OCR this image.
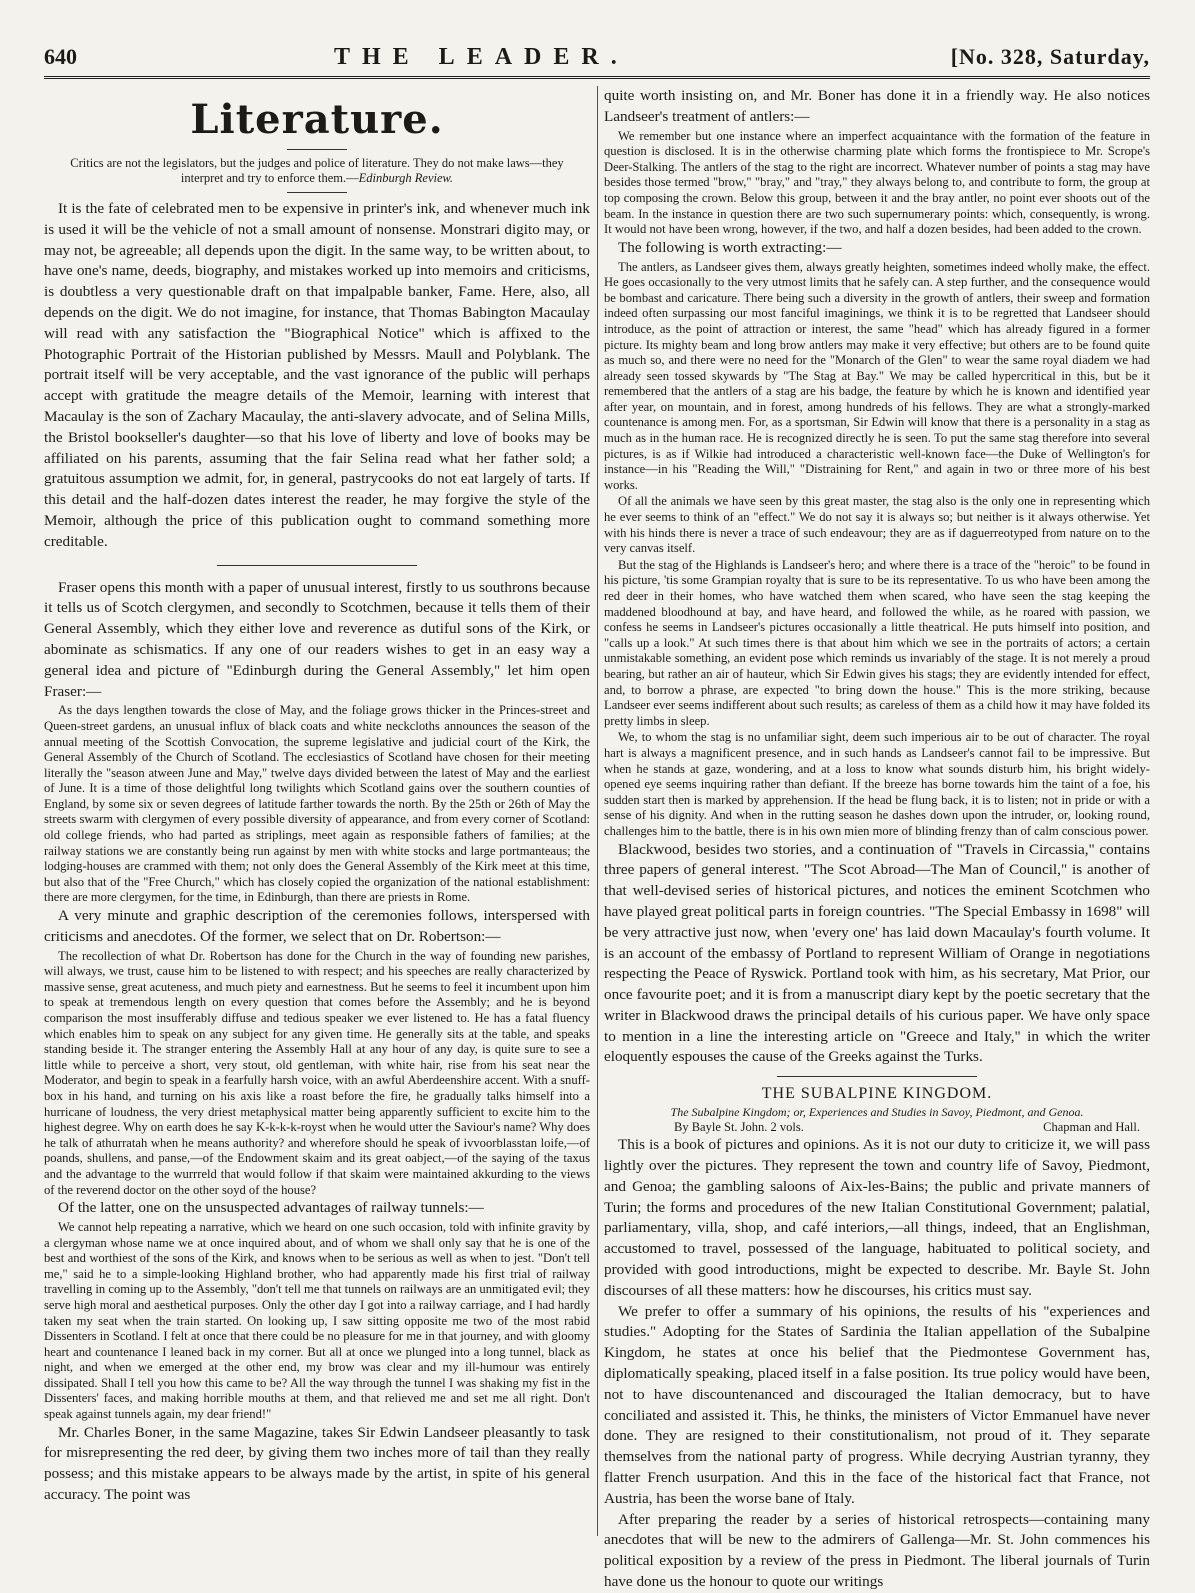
640	THE LEADER.	[No. 328, Saturday,
Literature.
Critics are not the legislators, but the judges and police of literature. They do not make laws—they interpret and try to enforce them.—Edinburgh Review.

It is the fate of celebrated men to be expensive in printer's ink, and whenever much ink is used it will be the vehicle of not a small amount of nonsense. Monstrari digito may, or may not, be agreeable; all depends upon the digit. In the same way, to be written about, to have one's name, deeds, biography, and mistakes worked up into memoirs and criticisms, is doubtless a very questionable draft on that impalpable banker, Fame. Here, also, all depends on the digit. We do not imagine, for instance, that Thomas Babington Macaulay will read with any satisfaction the "Biographical Notice" which is affixed to the Photographic Portrait of the Historian published by Messrs. Maull and Polyblank. The portrait itself will be very acceptable, and the vast ignorance of the public will perhaps accept with gratitude the meagre details of the Memoir, learning with interest that Macaulay is the son of Zachary Macaulay, the anti-slavery advocate, and of Selina Mills, the Bristol bookseller's daughter—so that his love of liberty and love of books may be affiliated on his parents, assuming that the fair Selina read what her father sold; a gratuitous assumption we admit, for, in general, pastrycooks do not eat largely of tarts. If this detail and the half-dozen dates interest the reader, he may forgive the style of the Memoir, although the price of this publication ought to command something more creditable.

Fraser opens this month with a paper of unusual interest, firstly to us southrons because it tells us of Scotch clergymen, and secondly to Scotchmen, because it tells them of their General Assembly, which they either love and reverence as dutiful sons of the Kirk, or abominate as schismatics. If any one of our readers wishes to get in an easy way a general idea and picture of "Edinburgh during the General Assembly," let him open Fraser:—

As the days lengthen towards the close of May, and the foliage grows thicker in the Princes-street and Queen-street gardens, an unusual influx of black coats and white neckcloths announces the season of the annual meeting of the Scottish Convocation, the supreme legislative and judicial court of the Kirk, the General Assembly of the Church of Scotland. The ecclesiastics of Scotland have chosen for their meeting literally the "season atween June and May," twelve days divided between the latest of May and the earliest of June. It is a time of those delightful long twilights which Scotland gains over the southern counties of England, by some six or seven degrees of latitude farther towards the north. By the 25th or 26th of May the streets swarm with clergymen of every possible diversity of appearance, and from every corner of Scotland: old college friends, who had parted as striplings, meet again as responsible fathers of families; at the railway stations we are constantly being run against by men with white stocks and large portmanteaus; the lodging-houses are crammed with them; not only does the General Assembly of the Kirk meet at this time, but also that of the "Free Church," which has closely copied the organization of the national establishment: there are more clergymen, for the time, in Edinburgh, than there are priests in Rome.

A very minute and graphic description of the ceremonies follows, interspersed with criticisms and anecdotes. Of the former, we select that on Dr. Robertson:—

The recollection of what Dr. Robertson has done for the Church in the way of founding new parishes, will always, we trust, cause him to be listened to with respect; and his speeches are really characterized by massive sense, great acuteness, and much piety and earnestness. But he seems to feel it incumbent upon him to speak at tremendous length on every question that comes before the Assembly; and he is beyond comparison the most insufferably diffuse and tedious speaker we ever listened to. He has a fatal fluency which enables him to speak on any subject for any given time. He generally sits at the table, and speaks standing beside it. The stranger entering the Assembly Hall at any hour of any day, is quite sure to see a little while to perceive a short, very stout, old gentleman, with white hair, rise from his seat near the Moderator, and begin to speak in a fearfully harsh voice, with an awful Aberdeenshire accent. With a snuff-box in his hand, and turning on his axis like a roast before the fire, he gradually talks himself into a hurricane of loudness, the very driest metaphysical matter being apparently sufficient to excite him to the highest degree. Why on earth does he say K-k-k-k-royst when he would utter the Saviour's name? Why does he talk of athurratah when he means authority? and wherefore should he speak of ivvoorblasstan loife,—of poands, shullens, and panse,—of the Endowment skaim and its great oabject,—of the saying of the taxus and the advantage to the wurrreld that would follow if that skaim were maintained akkurding to the views of the reverend doctor on the other soyd of the house?

Of the latter, one on the unsuspected advantages of railway tunnels:—

We cannot help repeating a narrative, which we heard on one such occasion, told with infinite gravity by a clergyman whose name we at once inquired about, and of whom we shall only say that he is one of the best and worthiest of the sons of the Kirk, and knows when to be serious as well as when to jest. "Don't tell me," said he to a simple-looking Highland brother, who had apparently made his first trial of railway travelling in coming up to the Assembly, "don't tell me that tunnels on railways are an unmitigated evil; they serve high moral and aesthetical purposes. Only the other day I got into a railway carriage, and I had hardly taken my seat when the train started. On looking up, I saw sitting opposite me two of the most rabid Dissenters in Scotland. I felt at once that there could be no pleasure for me in that journey, and with gloomy heart and countenance I leaned back in my corner. But all at once we plunged into a long tunnel, black as night, and when we emerged at the other end, my brow was clear and my ill-humour was entirely dissipated. Shall I tell you how this came to be? All the way through the tunnel I was shaking my fist in the Dissenters' faces, and making horrible mouths at them, and that relieved me and set me all right. Don't speak against tunnels again, my dear friend!"

Mr. Charles Boner, in the same Magazine, takes Sir Edwin Landseer pleasantly to task for misrepresenting the red deer, by giving them two inches more of tail than they really possess; and this mistake appears to be always made by the artist, in spite of his general accuracy. The point was

quite worth insisting on, and Mr. Boner has done it in a friendly way. He also notices Landseer's treatment of antlers:—

We remember but one instance where an imperfect acquaintance with the formation of the feature in question is disclosed. It is in the otherwise charming plate which forms the frontispiece to Mr. Scrope's Deer-Stalking. The antlers of the stag to the right are incorrect. Whatever number of points a stag may have besides those termed "brow," "bray," and "tray," they always belong to, and contribute to form, the group at top composing the crown. Below this group, between it and the bray antler, no point ever shoots out of the beam. In the instance in question there are two such supernumerary points: which, consequently, is wrong. It would not have been wrong, however, if the two, and half a dozen besides, had been added to the crown.

The following is worth extracting:—

The antlers, as Landseer gives them, always greatly heighten, sometimes indeed wholly make, the effect. He goes occasionally to the very utmost limits that he safely can. A step further, and the consequence would be bombast and caricature. There being such a diversity in the growth of antlers, their sweep and formation indeed often surpassing our most fanciful imaginings, we think it is to be regretted that Landseer should introduce, as the point of attraction or interest, the same "head" which has already figured in a former picture. Its mighty beam and long brow antlers may make it very effective; but others are to be found quite as much so, and there were no need for the "Monarch of the Glen" to wear the same royal diadem we had already seen tossed skywards by "The Stag at Bay." We may be called hypercritical in this, but be it remembered that the antlers of a stag are his badge, the feature by which he is known and identified year after year, on mountain, and in forest, among hundreds of his fellows. They are what a strongly-marked countenance is among men. For, as a sportsman, Sir Edwin will know that there is a personality in a stag as much as in the human race. He is recognized directly he is seen. To put the same stag therefore into several pictures, is as if Wilkie had introduced a characteristic well-known face—the Duke of Wellington's for instance—in his "Reading the Will," "Distraining for Rent," and again in two or three more of his best works.

Of all the animals we have seen by this great master, the stag also is the only one in representing which he ever seems to think of an "effect." We do not say it is always so; but neither is it always otherwise. Yet with his hinds there is never a trace of such endeavour; they are as if daguerreotyped from nature on to the very canvas itself.

But the stag of the Highlands is Landseer's hero; and where there is a trace of the "heroic" to be found in his picture, 'tis some Grampian royalty that is sure to be its representative. To us who have been among the red deer in their homes, who have watched them when scared, who have seen the stag keeping the maddened bloodhound at bay, and have heard, and followed the while, as he roared with passion, we confess he seems in Landseer's pictures occasionally a little theatrical. He puts himself into position, and "calls up a look." At such times there is that about him which we see in the portraits of actors; a certain unmistakable something, an evident pose which reminds us invariably of the stage. It is not merely a proud bearing, but rather an air of hauteur, which Sir Edwin gives his stags; they are evidently intended for effect, and, to borrow a phrase, are expected "to bring down the house." This is the more striking, because Landseer ever seems indifferent about such results; as careless of them as a child how it may have folded its pretty limbs in sleep.

We, to whom the stag is no unfamiliar sight, deem such imperious air to be out of character. The royal hart is always a magnificent presence, and in such hands as Landseer's cannot fail to be impressive. But when he stands at gaze, wondering, and at a loss to know what sounds disturb him, his bright widely-opened eye seems inquiring rather than defiant. If the breeze has borne towards him the taint of a foe, his sudden start then is marked by apprehension. If the head be flung back, it is to listen; not in pride or with a sense of his dignity. And when in the rutting season he dashes down upon the intruder, or, looking round, challenges him to the battle, there is in his own mien more of blinding frenzy than of calm conscious power.

Blackwood, besides two stories, and a continuation of "Travels in Circassia," contains three papers of general interest. "The Scot Abroad—The Man of Council," is another of that well-devised series of historical pictures, and notices the eminent Scotchmen who have played great political parts in foreign countries. "The Special Embassy in 1698" will be very attractive just now, when 'every one' has laid down Macaulay's fourth volume. It is an account of the embassy of Portland to represent William of Orange in negotiations respecting the Peace of Ryswick. Portland took with him, as his secretary, Mat Prior, our once favourite poet; and it is from a manuscript diary kept by the poetic secretary that the writer in Blackwood draws the principal details of his curious paper. We have only space to mention in a line the interesting article on "Greece and Italy," in which the writer eloquently espouses the cause of the Greeks against the Turks.

THE SUBALPINE KINGDOM.
The Subalpine Kingdom; or, Experiences and Studies in Savoy, Piedmont, and Genoa.
By Bayle St. John. 2 vols.	Chapman and Hall.

This is a book of pictures and opinions. As it is not our duty to criticize it, we will pass lightly over the pictures. They represent the town and country life of Savoy, Piedmont, and Genoa; the gambling saloons of Aix-les-Bains; the public and private manners of Turin; the forms and procedures of the new Italian Constitutional Government; palatial, parliamentary, villa, shop, and café interiors,—all things, indeed, that an Englishman, accustomed to travel, possessed of the language, habituated to political society, and provided with good introductions, might be expected to describe. Mr. Bayle St. John discourses of all these matters: how he discourses, his critics must say.

We prefer to offer a summary of his opinions, the results of his "experiences and studies." Adopting for the States of Sardinia the Italian appellation of the Subalpine Kingdom, he states at once his belief that the Piedmontese Government has, diplomatically speaking, placed itself in a false position. Its true policy would have been, not to have discountenanced and discouraged the Italian democracy, but to have conciliated and assisted it. This, he thinks, the ministers of Victor Emmanuel have never done. They are resigned to their constitutionalism, not proud of it. They separate themselves from the national party of progress. While decrying Austrian tyranny, they flatter French usurpation. And this in the face of the historical fact that France, not Austria, has been the worse bane of Italy.

After preparing the reader by a series of historical retrospects—containing many anecdotes that will be new to the admirers of Gallenga—Mr. St. John commences his political exposition by a review of the press in Piedmont. The liberal journals of Turin have done us the honour to quote our writings
